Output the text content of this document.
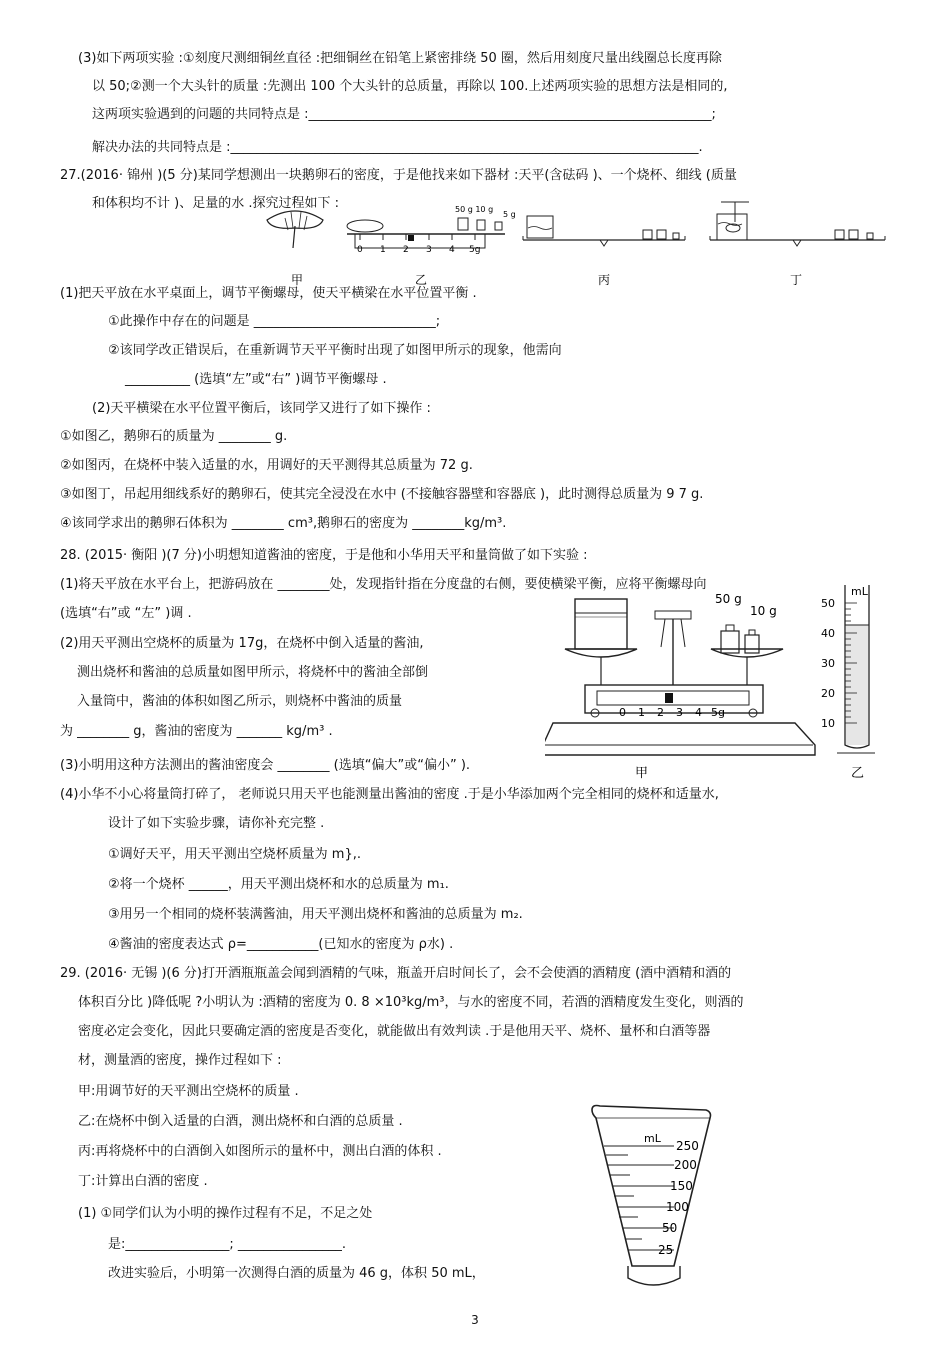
(3)如下两项实验 :①刻度尺测细铜丝直径 :把细铜丝在铅笔上紧密排绕 50 圈，然后用刻度尺量出线圈总长度再除
以 50;②测一个大头针的质量 :先测出 100 个大头针的总质量，再除以 100.上述两项实验的思想方法是相同的,
这两项实验遇到的问题的共同特点是 :______________________________________________________________;
解决办法的共同特点是 :________________________________________________________________________.
27.(2016· 锦州 )(5 分)某同学想测出一块鹅卵石的密度，于是他找来如下器材 :天平(含砝码 )、一个烧杯、细线 (质量
和体积均不计 )、足量的水 .探究过程如下 :
0 1 2 3 4 5g
50 g 10 g
5 g
丙	丁
甲	乙
(1)把天平放在水平桌面上，调节平衡螺母，使天平横梁在水平位置平衡 .
①此操作中存在的问题是 ____________________________;
②该同学改正错误后，在重新调节天平平衡时出现了如图甲所示的现象，他需向
__________ (选填“左”或“右” )调节平衡螺母 .
(2)天平横梁在水平位置平衡后，该同学又进行了如下操作 :
①如图乙，鹅卵石的质量为 ________ g.
②如图丙，在烧杯中装入适量的水，用调好的天平测得其总质量为 72 g.
③如图丁，吊起用细线系好的鹅卵石，使其完全浸没在水中 (不接触容器壁和容器底 )，此时测得总质量为 9 7 g.
④该同学求出的鹅卵石体积为 ________ cm³,鹅卵石的密度为 ________kg/m³.
28. (2015· 衡阳 )(7 分)小明想知道酱油的密度，于是他和小华用天平和量筒做了如下实验 :
(1)将天平放在水平台上，把游码放在 ________处，发现指针指在分度盘的右侧，要使横梁平衡，应将平衡螺母向
(选填“右”或 “左” )调 .
(2)用天平测出空烧杯的质量为 17g，在烧杯中倒入适量的酱油,
测出烧杯和酱油的总质量如图甲所示，将烧杯中的酱油全部倒
入量筒中，酱油的体积如图乙所示，则烧杯中酱油的质量
为 ________ g，酱油的密度为 _______ kg/m³ .
50 g
10 g
0 1 2 3 4 5g
甲
mL
50
40
30
20
10
乙
(3)小明用这种方法测出的酱油密度会 ________ (选填“偏大”或“偏小” ).
(4)小华不小心将量筒打碎了， 老师说只用天平也能测量出酱油的密度 .于是小华添加两个完全相同的烧杯和适量水,
设计了如下实验步骤，请你补充完整 .
①调好天平，用天平测出空烧杯质量为 m},.
②将一个烧杯 ______，用天平测出烧杯和水的总质量为 m₁.
③用另一个相同的烧杯装满酱油，用天平测出烧杯和酱油的总质量为 m₂.
④酱油的密度表达式 ρ=___________(已知水的密度为 ρ水) .
29. (2016· 无锡 )(6 分)打开酒瓶瓶盖会闻到酒精的气味，瓶盖开启时间长了，会不会使酒的酒精度 (酒中酒精和酒的
体积百分比 )降低呢 ?小明认为 :酒精的密度为 0. 8 ×10³kg/m³，与水的密度不同，若酒的酒精度发生变化，则酒的
密度必定会变化，因此只要确定酒的密度是否变化，就能做出有效判读 .于是他用天平、烧杯、量杯和白酒等器
材，测量酒的密度，操作过程如下 :
甲:用调节好的天平测出空烧杯的质量 .
乙:在烧杯中倒入适量的白酒，测出烧杯和白酒的总质量 .
丙:再将烧杯中的白酒倒入如图所示的量杯中，测出白酒的体积 .
丁:计算出白酒的密度 .
(1) ①同学们认为小明的操作过程有不足，不足之处
是:________________; ________________.
改进实验后，小明第一次测得白酒的质量为 46 g，体积 50 mL，
mL
250
200
150
100
50
25
3
